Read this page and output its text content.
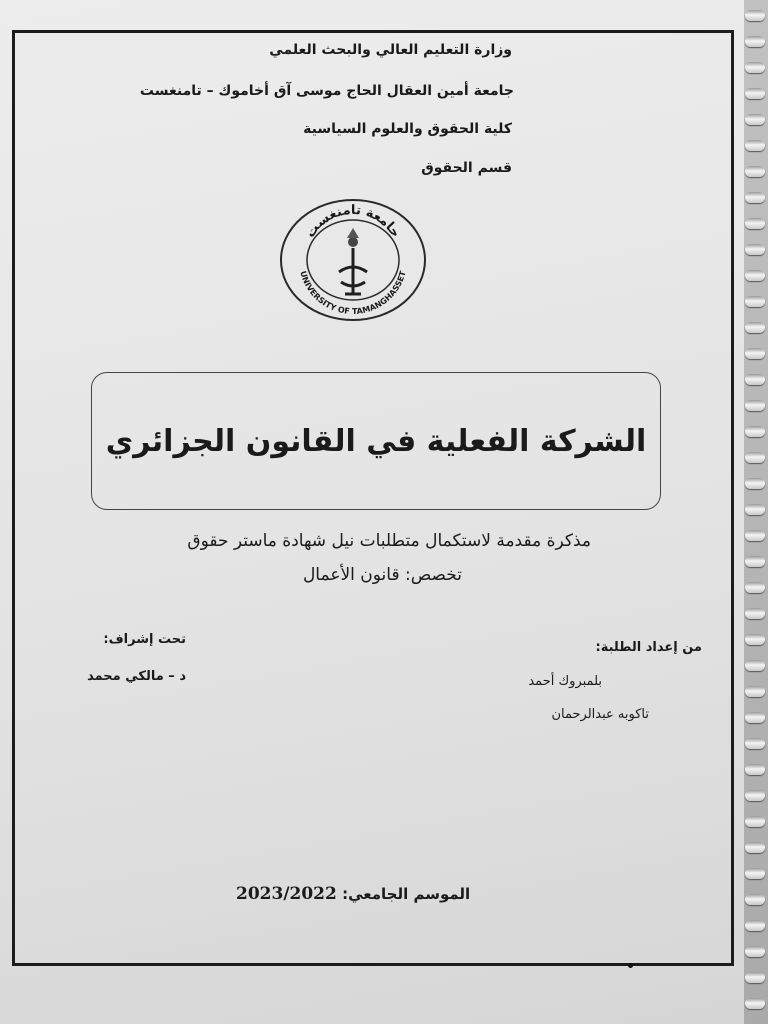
وزارة التعليم العالي والبحث العلمي
جامعة أمين العقال الحاج موسى آق أخاموك – تامنغست
كلية الحقوق والعلوم السياسية
قسم الحقوق
جامعة تامنغست
UNIVERSITY OF TAMANGHASSET
الشركة الفعلية في القانون الجزائري
مذكرة مقدمة لاستكمال متطلبات نيل شهادة ماستر حقوق
تخصص: قانون الأعمال
من إعداد الطلبة:
بلمبروك أحمد
تاكوبه عبدالرحمان
تحت إشراف:
د – مالكي محمد
2023/2022 الموسم الجامعي:
